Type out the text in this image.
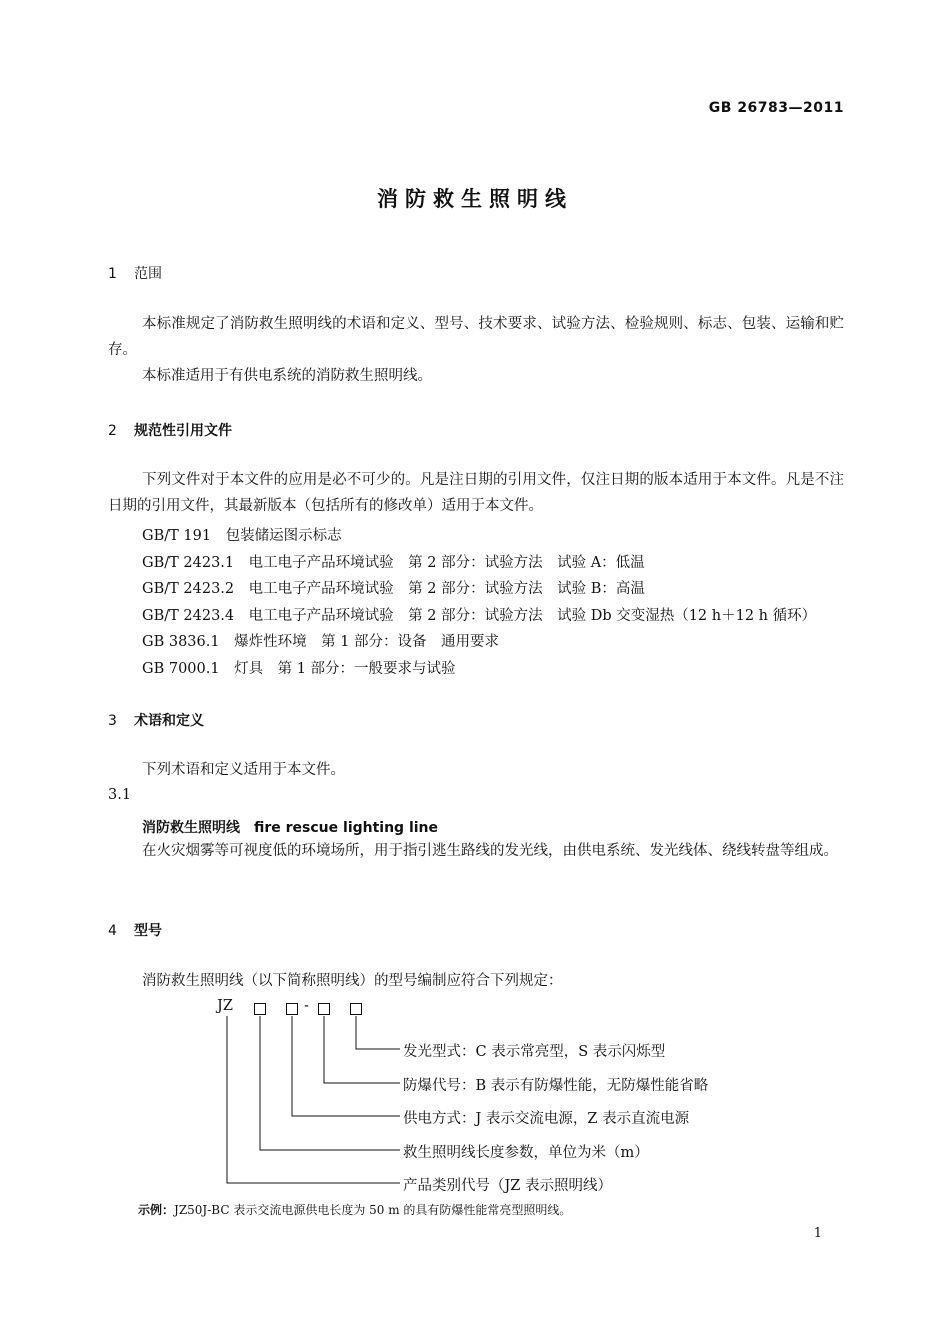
GB 26783—2011
消防救生照明线
1 范围
本标准规定了消防救生照明线的术语和定义、型号、技术要求、试验方法、检验规则、标志、包装、运输和贮存。
本标准适用于有供电系统的消防救生照明线。
2 规范性引用文件
下列文件对于本文件的应用是必不可少的。凡是注日期的引用文件，仅注日期的版本适用于本文件。凡是不注日期的引用文件，其最新版本（包括所有的修改单）适用于本文件。
GB/T 191　包装储运图示标志
GB/T 2423.1　电工电子产品环境试验　第 2 部分：试验方法　试验 A：低温
GB/T 2423.2　电工电子产品环境试验　第 2 部分：试验方法　试验 B：高温
GB/T 2423.4　电工电子产品环境试验　第 2 部分：试验方法　试验 Db 交变湿热（12 h＋12 h 循环）
GB 3836.1　爆炸性环境　第 1 部分：设备　通用要求
GB 7000.1　灯具　第 1 部分：一般要求与试验
3 术语和定义
下列术语和定义适用于本文件。
3.1
消防救生照明线 fire rescue lighting line
在火灾烟雾等可视度低的环境场所，用于指引逃生路线的发光线，由供电系统、发光线体、绕线转盘等组成。
4 型号
消防救生照明线（以下简称照明线）的型号编制应符合下列规定：
JZ	-
发光型式：C 表示常亮型，S 表示闪烁型
防爆代号：B 表示有防爆性能，无防爆性能省略
供电方式：J 表示交流电源，Z 表示直流电源
救生照明线长度参数，单位为米（m）
产品类别代号（JZ 表示照明线）
示例：JZ50J-BC 表示交流电源供电长度为 50 m 的具有防爆性能常亮型照明线。
1
